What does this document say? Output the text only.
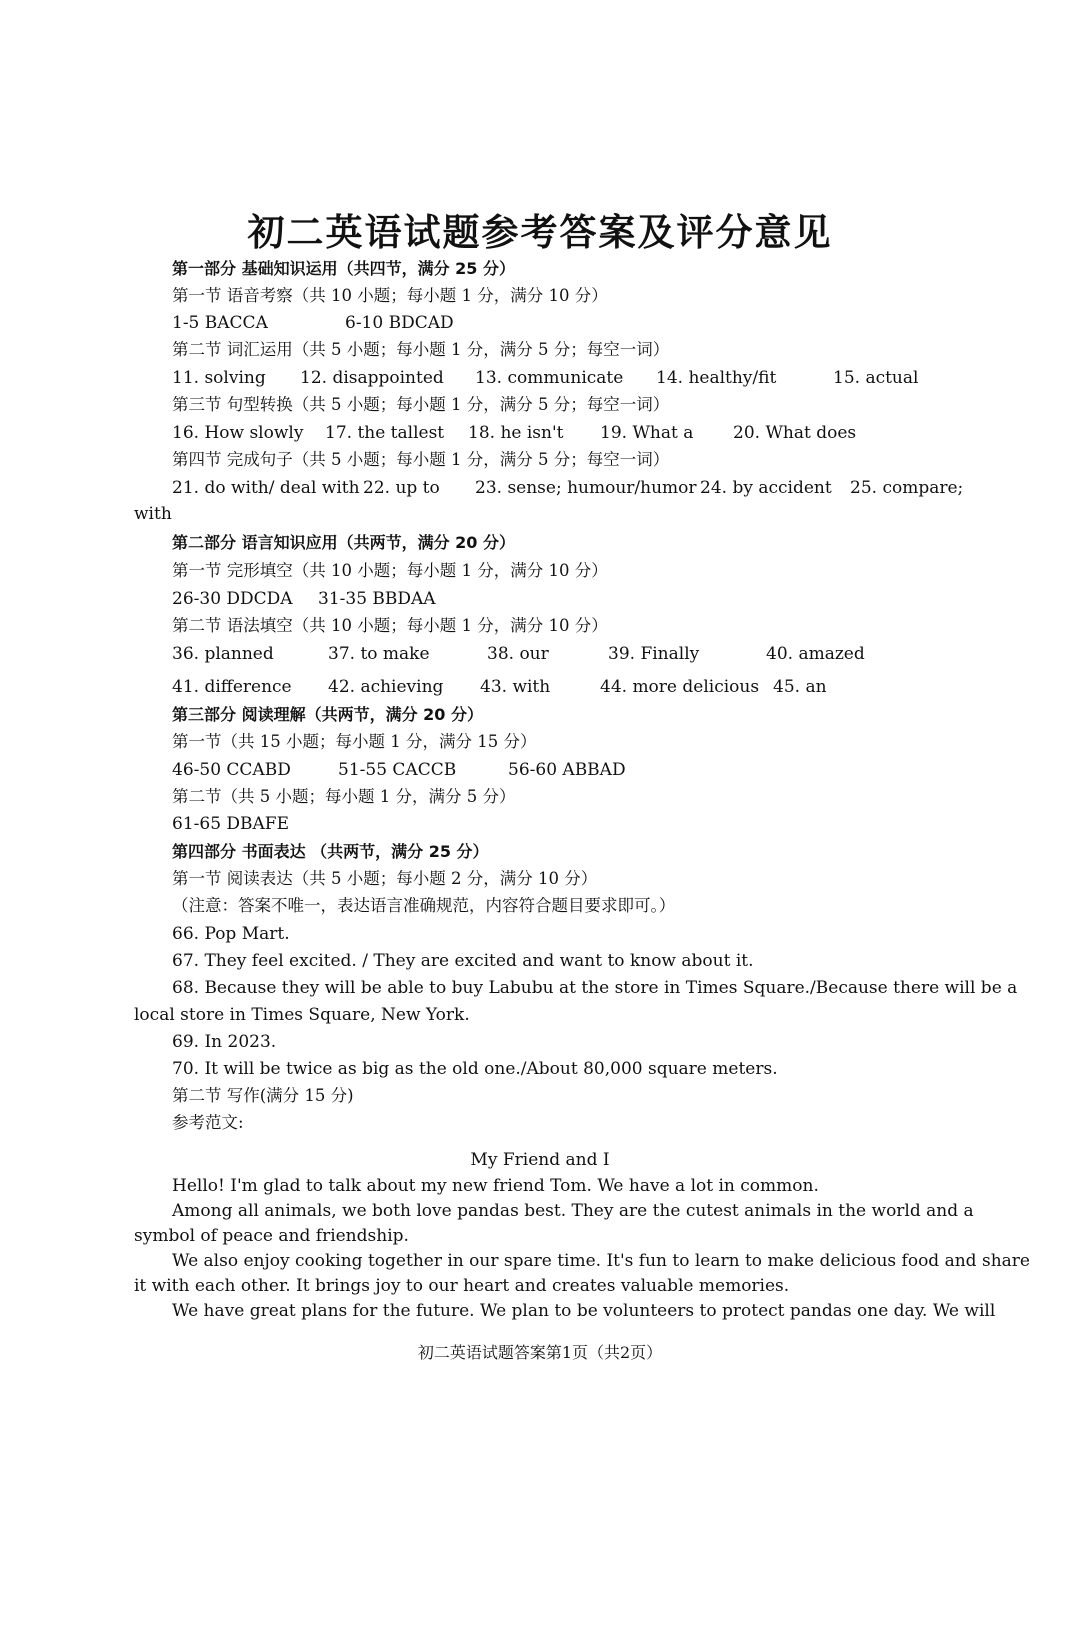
初二英语试题参考答案及评分意见
第一部分 基础知识运用（共四节，满分 25 分）
第一节 语音考察（共 10 小题；每小题 1 分，满分 10 分）
1-5 BACCA	6-10 BDCAD
第二节 词汇运用（共 5 小题；每小题 1 分，满分 5 分；每空一词）
11. solving 12. disappointed 13. communicate 14. healthy/fit	15. actual
第三节 句型转换（共 5 小题；每小题 1 分，满分 5 分；每空一词）
16. How slowly 17. the tallest 18. he isn't 19. What a 20. What does
第四节 完成句子（共 5 小题；每小题 1 分，满分 5 分；每空一词）
21. do with/ deal with 22. up to 23. sense; humour/humor 24. by accident 25. compare;
with
第二部分 语言知识应用（共两节，满分 20 分）
第一节 完形填空（共 10 小题；每小题 1 分，满分 10 分）
26-30 DDCDA 31-35 BBDAA
第二节 语法填空（共 10 小题；每小题 1 分，满分 10 分）
36. planned	37. to make	38. our	39. Finally	40. amazed
41. difference 42. achieving 43. with	44. more delicious 45. an
第三部分 阅读理解（共两节，满分 20 分）
第一节（共 15 小题；每小题 1 分，满分 15 分）
46-50 CCABD	51-55 CACCB	56-60 ABBAD
第二节（共 5 小题；每小题 1 分，满分 5 分）
61-65 DBAFE
第四部分 书面表达 （共两节，满分 25 分）
第一节 阅读表达（共 5 小题；每小题 2 分，满分 10 分）
（注意：答案不唯一，表达语言准确规范，内容符合题目要求即可。）
66. Pop Mart.
67. They feel excited. / They are excited and want to know about it.
68. Because they will be able to buy Labubu at the store in Times Square./Because there will be a
local store in Times Square, New York.
69. In 2023.
70. It will be twice as big as the old one./About 80,000 square meters.
第二节 写作(满分 15 分)
参考范文:
My Friend and I
Hello! I'm glad to talk about my new friend Tom. We have a lot in common.
Among all animals, we both love pandas best. They are the cutest animals in the world and a
symbol of peace and friendship.
We also enjoy cooking together in our spare time. It's fun to learn to make delicious food and share
it with each other. It brings joy to our heart and creates valuable memories.
We have great plans for the future. We plan to be volunteers to protect pandas one day. We will
初二英语试题答案第1页（共2页）
